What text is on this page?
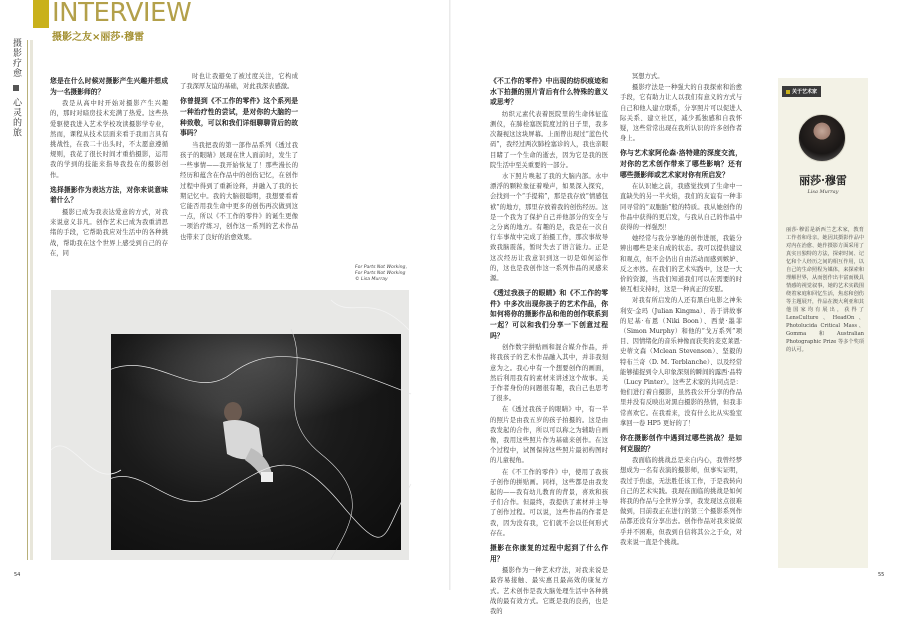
INTERVIEW
摄影之友×丽莎·穆雷
摄影疗愈  心灵的旅
您是在什么时候对摄影产生兴趣并想成为一名摄影师的？

我是从高中时开始对摄影产生兴趣的，那时对暗房技术充满了热爱。这些热爱驱使我进入艺术学校攻读摄影学专业，然而，课程从技术层面来看于我而言具有挑战性，在我二十出头时，不太愿意遵循规则，我花了很长时间才重拾摄影，运用我的学到的技能来指导我投在的摄影创作。

选择摄影作为表达方法，对你来说意味着什么？

摄影已成为我表达爱意的方式，对我来说意义非凡。创作艺术已成为我重清思绪的手段，它帮助我应对生活中的各种挑战，帮助我在这个世界上感受到自己的存在，同

时也让我避免了被过度关注，它构成了我深厚友谊的基础，对此我深表感激。

你曾提到《不工作的零件》这个系列是一种治疗性的尝试，是对你的大脑的一种致敬，可以和我们详细聊聊背后的故事吗？

当我把我的第一部作品系列《透过我孩子的眼睛》展现在世人面前时，发生了一些事情——我开始恢复了！那些漫长的经历和蕴含在作品中的创伤记忆，在创作过程中得到了重新诠释，并融入了我的长期记忆中。我的大脑很聪明，我想要看看它能否用我生命中更多的创伤再次做到这一点，所以《不工作的零件》的诞生更像一项治疗练习，创作这一系列的艺术作品也带来了良好的治愈效果。

《不工作的零件》中出现的纺织痕迹和水下拍摄的照片背后有什么特殊的意义或思考？

纺织元素代表着医院里的生命体征监测仪，在肺栓塞医院度过的日子里，我多次凝视这这块屏幕。上面曾出现过“蓝色代码”，我经过两次肺栓塞诊的人，我也亲眼目睹了一个生命的逝去，因为它是我的医院生活中至关重要的一部分。

水下照片唤起了我的大脑内部。水中漂浮的颗粒象征着噪声，如果深入探究，会找到一个“手提箱”，那是我存放“情感包袱”的地方，那里存放着我的创伤经历。这是一个我为了保护自己并他部分的安全与之分离的地方。有趣的是，我是在一次自行车事故中完成了拍摄工作，那次事故导致我脑震荡，暂时失去了语言能力。正是这次经历让我意识到这一切是如何运作的，这也是我创作这一系列作品的灵感来源。

《透过我孩子的眼睛》和《不工作的零件》中多次出现你孩子的艺术作品，你如何将你的摄影作品和他的创作联系到一起？可以和我们分享一下创意过程吗？

创作数字拼贴画和混合媒介作品，并将我孩子的艺术作品融入其中，并非我刻意为之。我心中有一个想要创作的画面，然后利用我有的素材来讲述这个故事。关于作者身份的问题很有趣，我自己也思考了很多。

在《透过我孩子的眼睛》中，有一半的照片是由我五岁的孩子拍摄的。这是由我发起的合作，所以可以称之为辅助自画像，我用这些照片作为基础来创作。在这个过程中，试图保持这些照片最初构图时的儿童视角。

在《不工作的零件》中，使用了我孩子创作的拼贴画。同样，这些都是由我发起的——我有幼儿教育的背景，喜欢和孩子们合作。但最终，我提供了素材并主导了创作过程。可以说，这些作品的作者是我，因为没有我，它们就不会以任何形式存在。

摄影在你康复的过程中起到了什么作用？

摄影作为一种艺术疗法，对我来说是最容易接触、最实惠且最高效的康复方式。艺术创作是我大脑处理生活中各种挑战的最有效方式。它既是我的良药，也是我的

冥想方式。

摄影疗法是一种强大的自我探索和治愈手段，它有助力让人以我们有意义的方式与自己和他人建立联系，分享照片可以促进人际关系、建立社区，减少孤独感和自我怀疑，这些常常出现在我所认识的许多创作者身上。

你与艺术家阿伦森·洛特建的深度交流，对你的艺术创作带来了哪些影响？还有哪些摄影师或艺术家对你有所启发？

在认识她之前，我感觉找到了生命中一直缺失的另一半火焰，我们的友谊有一种非同寻常的“双胞胎”般的特质。我从她创作的作品中获得的更启发，与我从自己的作品中获得的一样强烈！

她经常与我分享她的创作进展，我能分辨出哪些是来自成的状态。我可以提供建议和观点，但不会仍出自由活动而感到嫉妒、反之亦然。在我们的艺术实践中，这是一大价的资源，当我们知道我们可以在需要的时候互相支持时，这是一种真正的安慰。

对我有所启发的人还有黑白电影之神朱利安·金玛（Julian Kingma）、善于讲故事的尼基·布恩（Niki Boon）、西蒙·墨菲（Simon Murphy）和他的“戈万系列”项目、因情绪化的音乐神像而获奖的麦克莱恩·史蒂文森（Mclean Stevenson）、坚毅的特布兰奇（D. M. Terblanche）、以及经常能够捕捉到令人印象深刻的瞬间的露西·品特（Lucy Pinter）。这些艺术家的共同点是：他们进行着自摄影，虽然我公开分享的作品里并没有反映出对黑白摄影的热情，但我非常喜欢它。在我看来，没有什么比从实验室拿回一卷 HP5 更好的了！

你在摄影创作中遇到过哪些挑战？是如何克服的？

我面临的挑战总是来自内心，我曾经梦想成为一名有表演的摄影师，但事实证明，我过于焦虑，无法胜任该工作，于是我转向自己的艺术实践。我现在面临的挑战是如何将我的作品与全世界分享，我发现这点很难做到，目前我正在进行的第三个摄影系列作品都还没有分享出去。创作作品对我来说似乎并不困难，但我到自信将其公之于众，对我来说一直是个挑战。

For Parts Not Working，
For Parts Not Working
© Lisa Murray
关于艺术家
丽莎·穆雷
Lisa Murray
丽莎·穆雷是新西兰艺术家，教育工作者和母亲。她因其摄影作品中对内在治愈、她作摄影方面采用了真实且独特的方法，探索时间、记忆和个人经历之间的相互作用，以自己的生命照程为媒体，来探索和理解世界，从而创作出丰富而极具情感的视觉叙事，她的艺术实践围绕着家庭和回忆生活，焦虑和创伤等主题展开，作品在澳大利亚和其他国家均有展出，获得了LensCulture、HeadOn、Photolucida Critical Mass、Gomma和Australian Photographic Prize 等多个奖项的认可。
54	55
